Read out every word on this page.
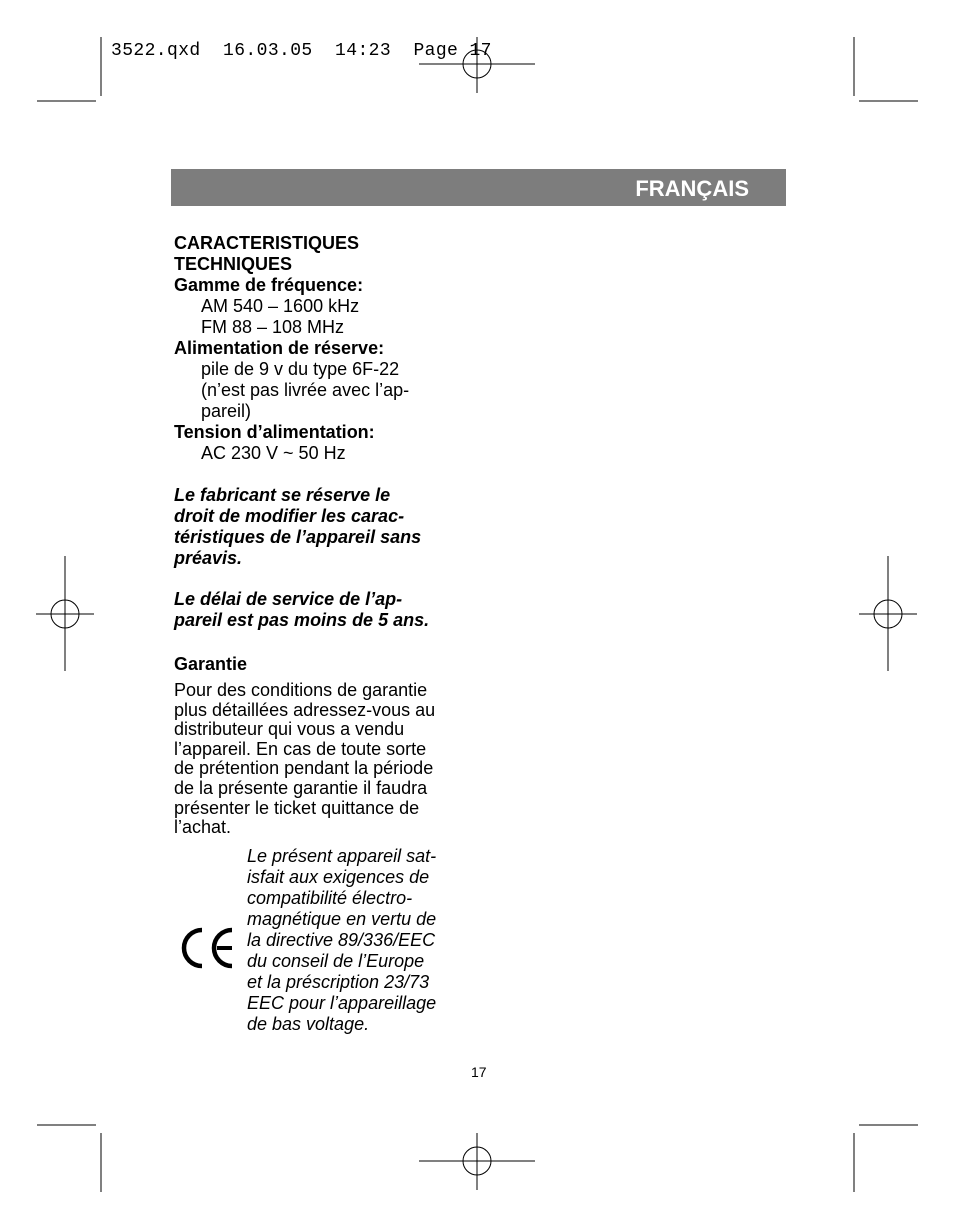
3522.qxd  16.03.05  14:23  Page 17
FRANÇAIS
CARACTERISTIQUES
TECHNIQUES
Gamme de fréquence:
AM 540 – 1600 kHz
FM 88 – 108 MHz
Alimentation de réserve:
pile de 9 v du type 6F-22
(n’est pas livrée avec l’ap-
pareil)
Tension d’alimentation:
AC 230 V ~ 50 Hz
Le fabricant se réserve le
droit de modifier les carac-
téristiques de l’appareil sans
préavis.
Le délai de service de l’ap-
pareil est pas moins de 5 ans.
Garantie
Pour des conditions de garantie
plus détaillées adressez-vous au
distributeur qui vous a vendu
l’appareil. En cas de toute sorte
de prétention pendant la période
de la présente garantie il faudra
présenter le ticket quittance de
l’achat.
Le présent appareil sat-
isfait aux exigences de
compatibilité électro-
magnétique en vertu de
la directive 89/336/EEC
du conseil de l’Europe
et la préscription 23/73
EEC pour l’appareillage
de bas voltage.
17
